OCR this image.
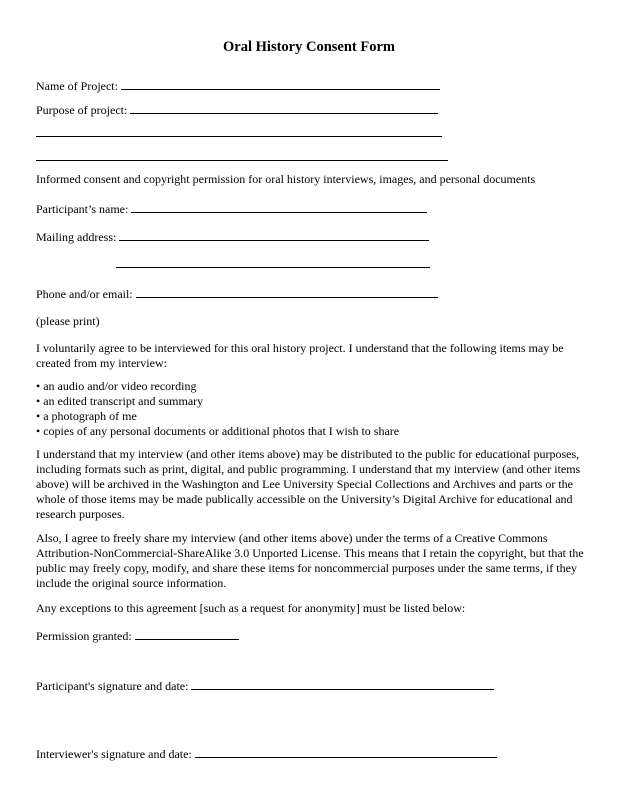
Oral History Consent Form
Name of Project:
Purpose of project:
Informed consent and copyright permission for oral history interviews, images, and personal documents
Participant’s name:
Mailing address:
Phone and/or email:
(please print)
I voluntarily agree to be interviewed for this oral history project. I understand that the following items may be created from my interview:
• an audio and/or video recording
• an edited transcript and summary
• a photograph of me
• copies of any personal documents or additional photos that I wish to share
I understand that my interview (and other items above) may be distributed to the public for educational purposes, including formats such as print, digital, and public programming. I understand that my interview (and other items above) will be archived in the Washington and Lee University Special Collections and Archives and parts or the whole of those items may be made publically accessible on the University’s Digital Archive for educational and research purposes.
Also, I agree to freely share my interview (and other items above) under the terms of a Creative Commons Attribution-NonCommercial-ShareAlike 3.0 Unported License. This means that I retain the copyright, but that the public may freely copy, modify, and share these items for noncommercial purposes under the same terms, if they include the original source information.
Any exceptions to this agreement [such as a request for anonymity] must be listed below:
Permission granted:
Participant's signature and date:
Interviewer's signature and date:
